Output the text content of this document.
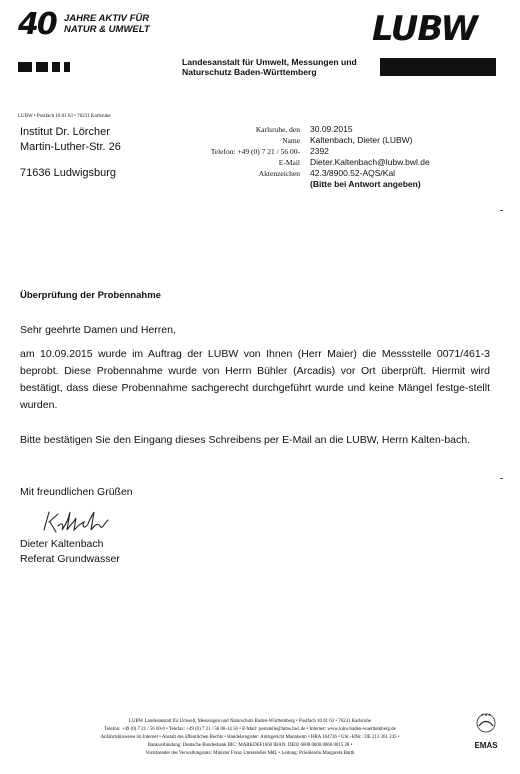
40 JAHRE AKTIV FÜR
NATUR & UMWELT	LUBW
Landesanstalt für Umwelt, Messungen und
Naturschutz Baden-Württemberg
LUBW • Postfach 10 01 63 • 76231 Karlsruhe
Institut Dr. Lörcher
Martin-Luther-Str. 26
71636 Ludwigsburg
Karlsruhe, den	30.09.2015
Name	Kaltenbach, Dieter (LUBW)
Telefon: +49 (0) 7 21 / 56 00-	2392
E-Mail	Dieter.Kaltenbach@lubw.bwl.de
Aktenzeichen	42.3/8900.52-AQS/Kal
(Bitte bei Antwort angeben)
Überprüfung der Probennahme
Sehr geehrte Damen und Herren,
am 10.09.2015 wurde im Auftrag der LUBW von Ihnen (Herr Maier) die Messstelle 0071/461-3 beprobt. Diese Probennahme wurde von Herrn Bühler (Arcadis) vor Ort überprüft. Hiermit wird bestätigt, dass diese Probennahme sachgerecht durchgeführt wurde und keine Mängel festge-stellt wurden.
Bitte bestätigen Sie den Eingang dieses Schreibens per E-Mail an die LUBW, Herrn Kalten-bach.
Mit freundlichen Grüßen
Dieter Kaltenbach
Referat Grundwasser
LUBW Landesanstalt für Umwelt, Messungen und Naturschutz Baden-Württemberg • Postfach 10 01 63 • 76231 Karlsruhe
Telefon: +49 (0) 7 21 / 56 00-0 • Telefax: +49 (0) 7 21 / 56 00-14 56 • E-Mail: poststelle@lubw.bwl.de • Internet: www.lubw.baden-wuerttemberg.de
Anfahrtshinweise im Internet • Anstalt des öffentlichen Rechts • Handelsregister: Amtsgericht Mannheim • HRA 104736 • USt.-IdNr.: DE 213 361 243 •
Bankverbindung: Deutsche Bundesbank BIC: MARKDEF1660 IBAN: DE02 6600 0000 0066 0015 28 •
Vorsitzender des Verwaltungsrats: Minister Franz Untersteller MdL • Leitung: Präsidentin Margareta Barth
★★★
EMAS
